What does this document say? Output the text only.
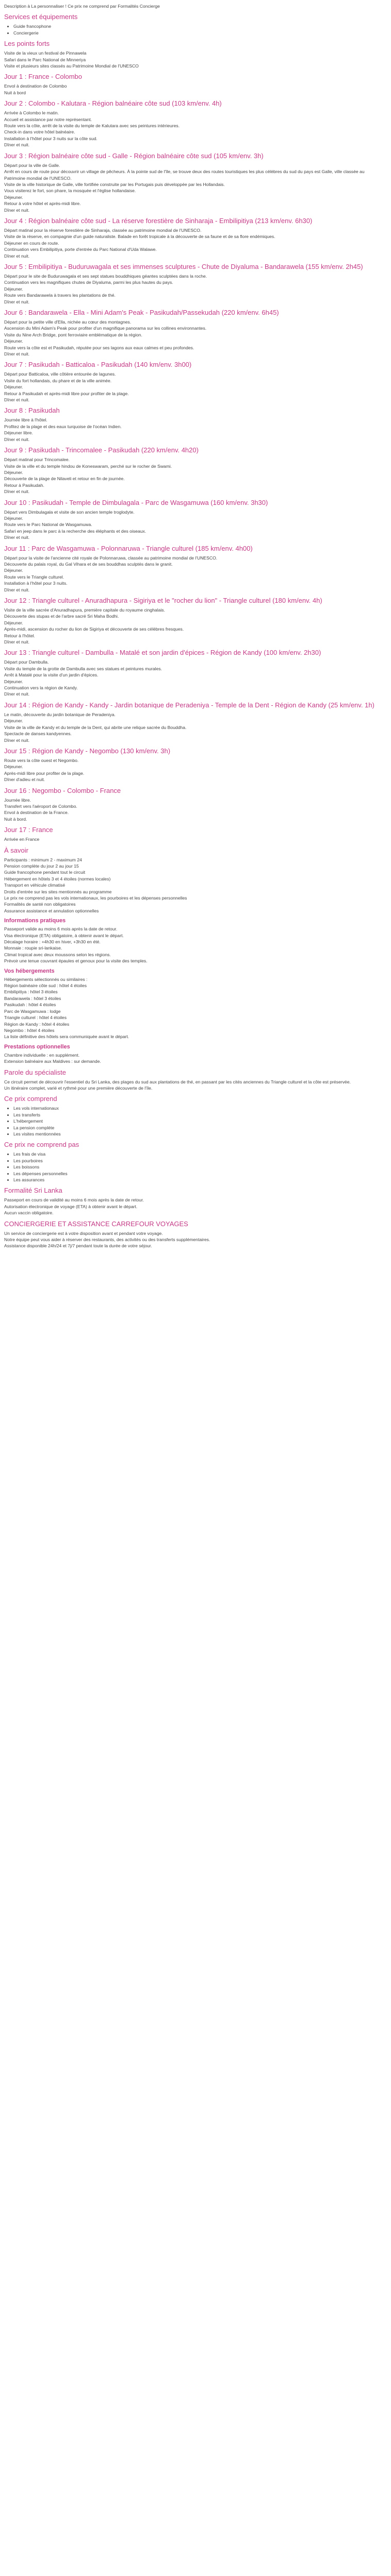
Description à La personnaliser ! Ce prix ne comprend par Formalités Concierge

Services et équipements
• Guide francophone
• Conciergerie
Les points forts

Visite de la vieux un festival de Pinnawela

Safari dans le Parc National de Minneriya

Visite et plusieurs sites classés au Patrimoine Mondial de l'UNESCO

Jour 1 : France - Colombo

Envol à destination de Colombo

Nuit à bord

Jour 2 : Colombo - Kalutara - Région balnéaire côte sud (103 km/env. 4h)

Arrivée à Colombo le matin.

Accueil et assistance par notre représentant.

Route vers la côte, arrêt de la visite du temple de Kalutara avec ses peintures intérieures.

Check-in dans votre hôtel balnéaire.

Installation à l'hôtel pour 3 nuits sur la côte sud.

Dîner et nuit.

Jour 3 : Région balnéaire côte sud - Galle - Région balnéaire côte sud (105 km/env. 3h)

Départ pour la ville de Galle.

Arrêt en cours de route pour découvrir un village de pêcheurs. À la pointe sud de l'île, se trouve deux des routes touristiques les plus célèbres du sud du pays est Galle, ville classée au Patrimoine mondial de l'UNESCO.

Visite de la ville historique de Galle, ville fortifiée construite par les Portugais puis développée par les Hollandais.

Vous visiterez le fort, son phare, la mosquée et l'église hollandaise.

Déjeuner.

Retour à votre hôtel et après-midi libre.

Dîner et nuit.

Jour 4 : Région balnéaire côte sud - La réserve forestière de Sinharaja - Embilipitiya (213 km/env. 6h30)

Départ matinal pour la réserve forestière de Sinharaja, classée au patrimoine mondial de l'UNESCO.

Visite de la réserve, en compagnie d'un guide naturaliste. Balade en forêt tropicale à la découverte de sa faune et de sa flore endémiques.

Déjeuner en cours de route.

Continuation vers Embilipitiya, porte d'entrée du Parc National d'Uda Walawe.

Dîner et nuit.

Jour 5 : Embilipitiya - Buduruwagala et ses immenses sculptures - Chute de Diyaluma - Bandarawela (155 km/env. 2h45)

Départ pour le site de Buduruwagala et ses sept statues bouddhiques géantes sculptées dans la roche.

Continuation vers les magnifiques chutes de Diyaluma, parmi les plus hautes du pays.

Déjeuner.

Route vers Bandarawela à travers les plantations de thé.

Dîner et nuit.

Jour 6 : Bandarawela - Ella - Mini Adam's Peak - Pasikudah/Passekudah (220 km/env. 6h45)

Départ pour la petite ville d'Ella, nichée au cœur des montagnes.

Ascension du Mini Adam's Peak pour profiter d'un magnifique panorama sur les collines environnantes.

Visite du Nine Arch Bridge, pont ferroviaire emblématique de la région.

Déjeuner.

Route vers la côte est et Pasikudah, réputée pour ses lagons aux eaux calmes et peu profondes.

Dîner et nuit.

Jour 7 : Pasikudah - Batticaloa - Pasikudah (140 km/env. 3h00)

Départ pour Batticaloa, ville côtière entourée de lagunes.

Visite du fort hollandais, du phare et de la ville animée.

Déjeuner.

Retour à Pasikudah et après-midi libre pour profiter de la plage.

Dîner et nuit.

Jour 8 : Pasikudah

Journée libre à l'hôtel.

Profitez de la plage et des eaux turquoise de l'océan Indien.

Déjeuner libre.

Dîner et nuit.

Jour 9 : Pasikudah - Trincomalee - Pasikudah (220 km/env. 4h20)

Départ matinal pour Trincomalee.

Visite de la ville et du temple hindou de Koneswaram, perché sur le rocher de Swami.

Déjeuner.

Découverte de la plage de Nilaveli et retour en fin de journée.

Retour à Pasikudah.

Dîner et nuit.

Jour 10 : Pasikudah - Temple de Dimbulagala - Parc de Wasgamuwa (160 km/env. 3h30)

Départ vers Dimbulagala et visite de son ancien temple troglodyte.

Déjeuner.

Route vers le Parc National de Wasgamuwa.

Safari en jeep dans le parc à la recherche des éléphants et des oiseaux.

Dîner et nuit.

Jour 11 : Parc de Wasgamuwa - Polonnaruwa - Triangle culturel (185 km/env. 4h00)

Départ pour la visite de l'ancienne cité royale de Polonnaruwa, classée au patrimoine mondial de l'UNESCO.

Découverte du palais royal, du Gal Vihara et de ses bouddhas sculptés dans le granit.

Déjeuner.

Route vers le Triangle culturel.

Installation à l'hôtel pour 3 nuits.

Dîner et nuit.

Jour 12 : Triangle culturel - Anuradhapura - Sigiriya et le "rocher du lion" - Triangle culturel (180 km/env. 4h)

Visite de la ville sacrée d'Anuradhapura, première capitale du royaume cinghalais.

Découverte des stupas et de l'arbre sacré Sri Maha Bodhi.

Déjeuner.

Après-midi, ascension du rocher du lion de Sigiriya et découverte de ses célèbres fresques.

Retour à l'hôtel.

Dîner et nuit.

Jour 13 : Triangle culturel - Dambulla - Matalé et son jardin d'épices - Région de Kandy (100 km/env. 2h30)

Départ pour Dambulla.

Visite du temple de la grotte de Dambulla avec ses statues et peintures murales.

Arrêt à Matalé pour la visite d'un jardin d'épices.

Déjeuner.

Continuation vers la région de Kandy.

Dîner et nuit.

Jour 14 : Région de Kandy - Kandy - Jardin botanique de Peradeniya - Temple de la Dent - Région de Kandy (25 km/env. 1h)

Le matin, découverte du jardin botanique de Peradeniya.

Déjeuner.

Visite de la ville de Kandy et du temple de la Dent, qui abrite une relique sacrée du Bouddha.

Spectacle de danses kandyennes.

Dîner et nuit.

Jour 15 : Région de Kandy - Negombo (130 km/env. 3h)

Route vers la côte ouest et Negombo.

Déjeuner.

Après-midi libre pour profiter de la plage.

Dîner d'adieu et nuit.

Jour 16 : Negombo - Colombo - France

Journée libre.

Transfert vers l'aéroport de Colombo.

Envol à destination de la France.

Nuit à bord.

Jour 17 : France

Arrivée en France

À savoir

Participants : minimum 2 - maximum 24

Pension complète du jour 2 au jour 15

Guide francophone pendant tout le circuit

Hébergement en hôtels 3 et 4 étoiles (normes locales)

Transport en véhicule climatisé

Droits d'entrée sur les sites mentionnés au programme

Le prix ne comprend pas les vols internationaux, les pourboires et les dépenses personnelles

Formalités de santé non obligatoires

Assurance assistance et annulation optionnelles

Informations pratiques

Passeport valide au moins 6 mois après la date de retour.

Visa électronique (ETA) obligatoire, à obtenir avant le départ.

Décalage horaire : +4h30 en hiver, +3h30 en été.

Monnaie : roupie sri-lankaise.

Climat tropical avec deux moussons selon les régions.

Prévoir une tenue couvrant épaules et genoux pour la visite des temples.

Vos hébergements

Hébergements sélectionnés ou similaires :

Région balnéaire côte sud : hôtel 4 étoiles

Embilipitiya : hôtel 3 étoiles

Bandarawela : hôtel 3 étoiles

Pasikudah : hôtel 4 étoiles

Parc de Wasgamuwa : lodge

Triangle culturel : hôtel 4 étoiles

Région de Kandy : hôtel 4 étoiles

Negombo : hôtel 4 étoiles

La liste définitive des hôtels sera communiquée avant le départ.

Prestations optionnelles

Chambre individuelle : en supplément.

Extension balnéaire aux Maldives : sur demande.

Parole du spécialiste

Ce circuit permet de découvrir l'essentiel du Sri Lanka, des plages du sud aux plantations de thé, en passant par les cités anciennes du Triangle culturel et la côte est préservée.

Un itinéraire complet, varié et rythmé pour une première découverte de l'île.

Ce prix comprend
• Les vols internationaux
• Les transferts
• L'hébergement
• La pension complète
• Les visites mentionnées
Ce prix ne comprend pas
• Les frais de visa
• Les pourboires
• Les boissons
• Les dépenses personnelles
• Les assurances
Formalité Sri Lanka

Passeport en cours de validité au moins 6 mois après la date de retour.

Autorisation électronique de voyage (ETA) à obtenir avant le départ.

Aucun vaccin obligatoire.

CONCIERGERIE ET ASSISTANCE CARREFOUR VOYAGES

Un service de conciergerie est à votre disposition avant et pendant votre voyage.

Notre équipe peut vous aider à réserver des restaurants, des activités ou des transferts supplémentaires.

Assistance disponible 24h/24 et 7j/7 pendant toute la durée de votre séjour.
